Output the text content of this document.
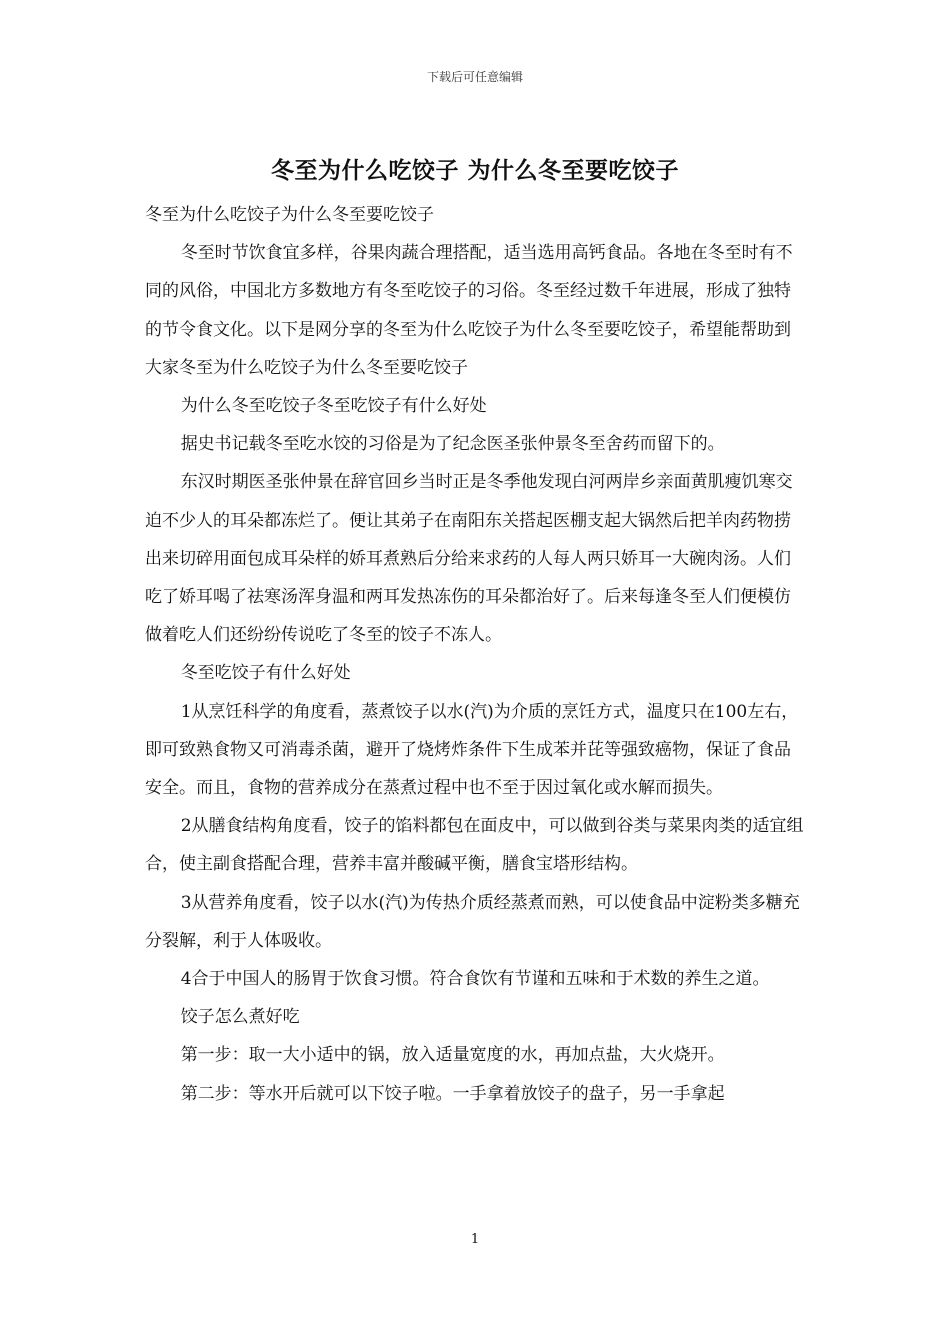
下载后可任意编辑
冬至为什么吃饺子 为什么冬至要吃饺子

冬至为什么吃饺子为什么冬至要吃饺子

冬至时节饮食宜多样，谷果肉蔬合理搭配，适当选用高钙食品。各地在冬至时有不同的风俗，中国北方多数地方有冬至吃饺子的习俗。冬至经过数千年进展，形成了独特的节令食文化。以下是网分享的冬至为什么吃饺子为什么冬至要吃饺子，希望能帮助到大家冬至为什么吃饺子为什么冬至要吃饺子

为什么冬至吃饺子冬至吃饺子有什么好处

据史书记载冬至吃水饺的习俗是为了纪念医圣张仲景冬至舍药而留下的。

东汉时期医圣张仲景在辞官回乡当时正是冬季他发现白河两岸乡亲面黄肌瘦饥寒交迫不少人的耳朵都冻烂了。便让其弟子在南阳东关搭起医棚支起大锅然后把羊肉药物捞出来切碎用面包成耳朵样的娇耳煮熟后分给来求药的人每人两只娇耳一大碗肉汤。人们吃了娇耳喝了祛寒汤浑身温和两耳发热冻伤的耳朵都治好了。后来每逢冬至人们便模仿做着吃人们还纷纷传说吃了冬至的饺子不冻人。

冬至吃饺子有什么好处

1从烹饪科学的角度看，蒸煮饺子以水(汽)为介质的烹饪方式，温度只在100左右，即可致熟食物又可消毒杀菌，避开了烧烤炸条件下生成苯并芘等强致癌物，保证了食品安全。而且，食物的营养成分在蒸煮过程中也不至于因过氧化或水解而损失。

2从膳食结构角度看，饺子的馅料都包在面皮中，可以做到谷类与菜果肉类的适宜组合，使主副食搭配合理，营养丰富并酸碱平衡，膳食宝塔形结构。

3从营养角度看，饺子以水(汽)为传热介质经蒸煮而熟，可以使食品中淀粉类多糖充分裂解，利于人体吸收。

4合于中国人的肠胃于饮食习惯。符合食饮有节谨和五味和于术数的养生之道。

饺子怎么煮好吃

第一步：取一大小适中的锅，放入适量宽度的水，再加点盐，大火烧开。

第二步：等水开后就可以下饺子啦。一手拿着放饺子的盘子，另一手拿起

1
